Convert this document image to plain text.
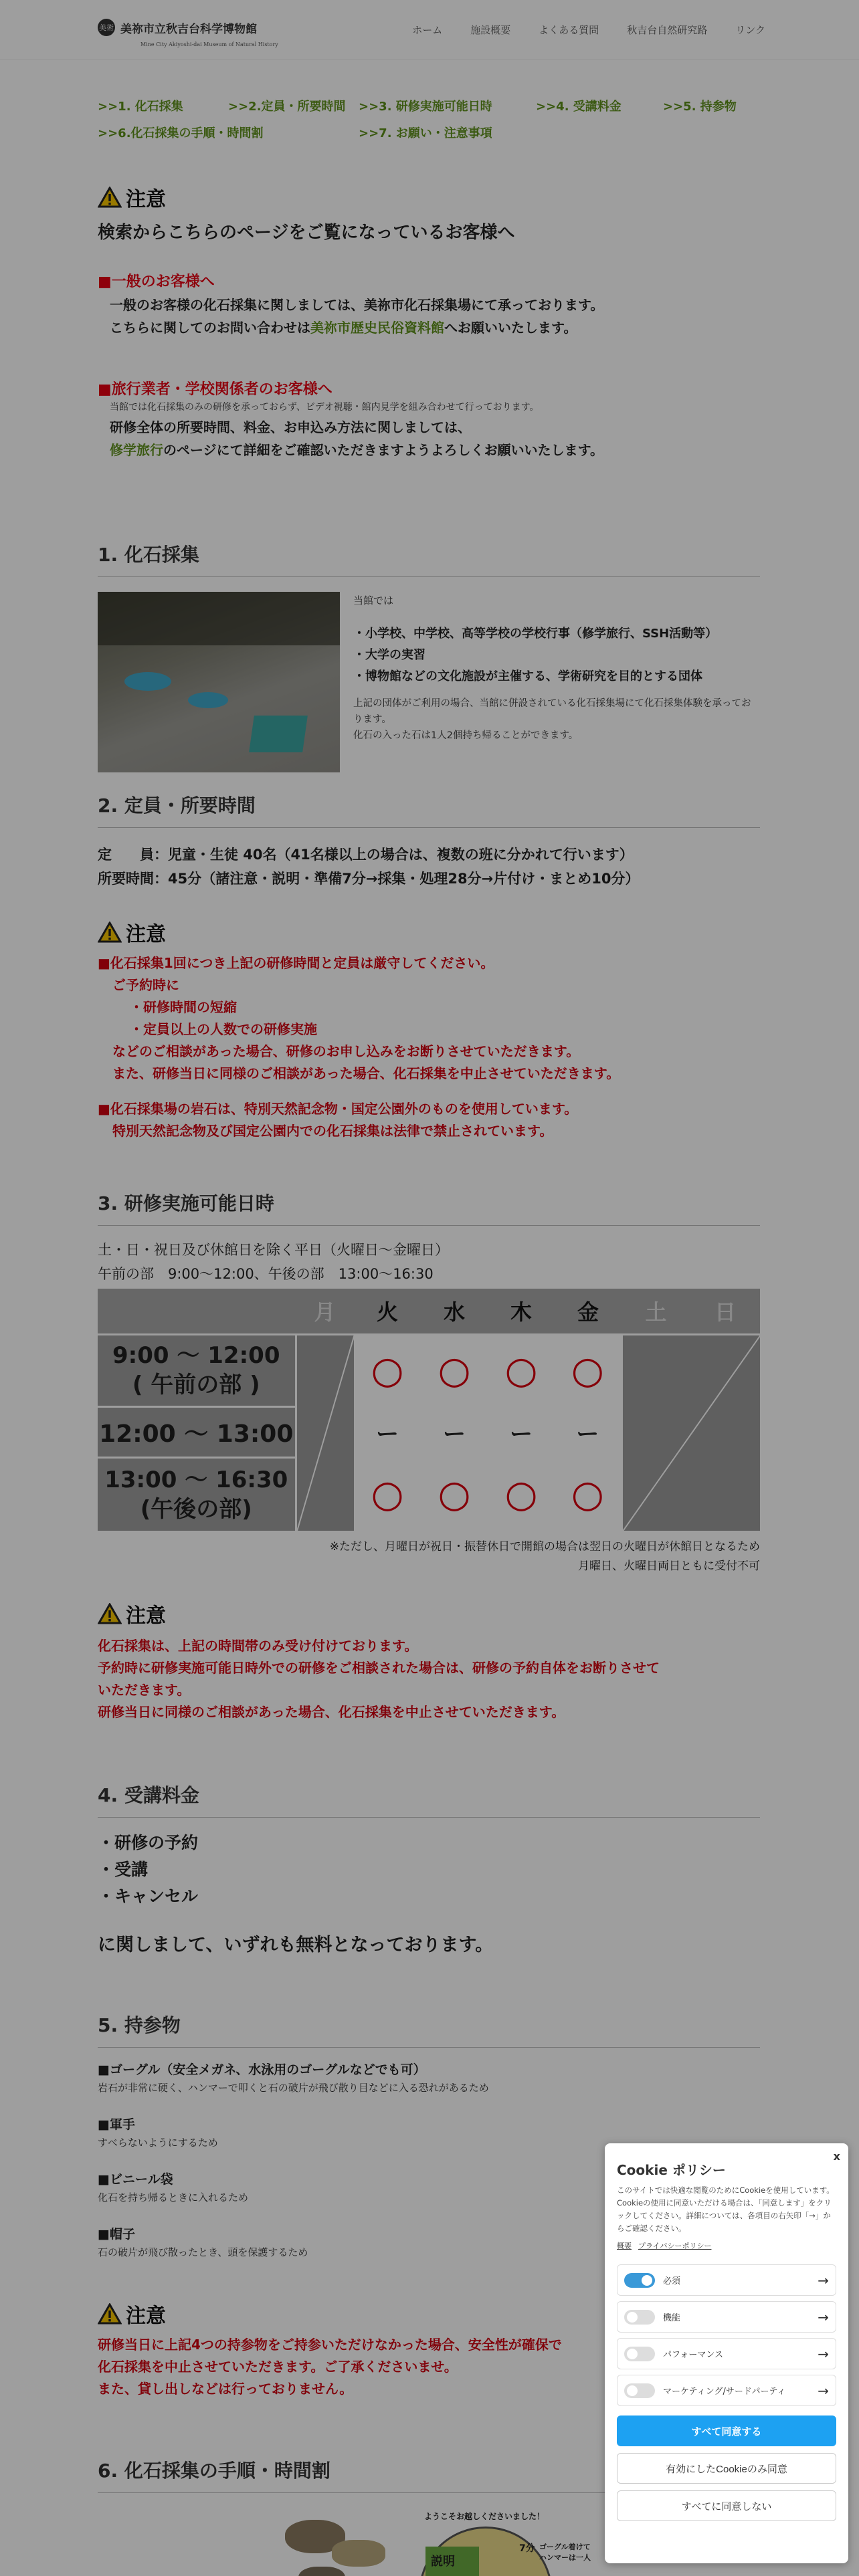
美術 美祢市立秋吉台科学博物館
Mine City Akiyoshi-dai Museum of Natural History
ホーム	施設概要	よくある質問	秋吉台自然研究路	リンク
>>1. 化石採集	>>2.定員・所要時間	>>3. 研修実施可能日時	>>4. 受講料金	>>5. 持参物
>>6.化石採集の手順・時間割	>>7. お願い・注意事項
注意
検索からこちらのページをご覧になっているお客様へ
■一般のお客様へ
一般のお客様の化石採集に関しましては、美祢市化石採集場にて承っております。
こちらに関してのお問い合わせは美祢市歴史民俗資料館へお願いいたします。
■旅行業者・学校関係者のお客様へ
当館では化石採集のみの研修を承っておらず、ビデオ視聴・館内見学を組み合わせて行っております。
研修全体の所要時間、料金、お申込み方法に関しましては、
修学旅行のページにて詳細をご確認いただきますようよろしくお願いいたします。
1. 化石採集
当館では
・小学校、中学校、高等学校の学校行事（修学旅行、SSH活動等）
・大学の実習
・博物館などの文化施設が主催する、学術研究を目的とする団体
上記の団体がご利用の場合、当館に併設されている化石採集場にて化石採集体験を承っております。
化石の入った石は1人2個持ち帰ることができます。
2. 定員・所要時間
定　　員：児童・生徒 40名（41名様以上の場合は、複数の班に分かれて行います）
所要時間：45分（諸注意・説明・準備7分→採集・処理28分→片付け・まとめ10分）
注意
■化石採集1回につき上記の研修時間と定員は厳守してください。
ご予約時に
・研修時間の短縮
・定員以上の人数での研修実施
などのご相談があった場合、研修のお申し込みをお断りさせていただきます。
また、研修当日に同様のご相談があった場合、化石採集を中止させていただきます。
■化石採集場の岩石は、特別天然記念物・国定公園外のものを使用しています。
特別天然記念物及び国定公園内での化石採集は法律で禁止されています。
3. 研修実施可能日時
土・日・祝日及び休館日を除く平日（火曜日〜金曜日）
午前の部　9:00〜12:00、午後の部　13:00〜16:30
	月	火	水	木	金	土	日

9:00 〜 12:00
( 午前の部 )		○	○	○	○	

12:00 〜 13:00		ー	ー	ー	ー		

13:00 〜 16:30
(午後の部)		○	○	○	○		
※ただし、月曜日が祝日・振替休日で開館の場合は翌日の火曜日が休館日となるため
月曜日、火曜日両日ともに受付不可
注意
化石採集は、上記の時間帯のみ受け付けております。
予約時に研修実施可能日時外での研修をご相談された場合は、研修の予約自体をお断りさせて
いただきます。
研修当日に同様のご相談があった場合、化石採集を中止させていただきます。
4. 受講料金
・研修の予約
・受講
・キャンセル
に関しまして、いずれも無料となっております。
5. 持参物
■ゴーグル（安全メガネ、水泳用のゴーグルなどでも可）
岩石が非常に硬く、ハンマーで叩くと石の破片が飛び散り目などに入る恐れがあるため
■軍手
すべらないようにするため
■ビニール袋
化石を持ち帰るときに入れるため
■帽子
石の破片が飛び散ったとき、頭を保護するため
注意
研修当日に上記4つの持参物をご持参いただけなかった場合、安全性が確保で
化石採集を中止させていただきます。ご了承くださいませ。
また、貸し出しなどは行っておりません。
6. 化石採集の手順・時間割
ようこそお越しくださいました！
説明
7分 ゴーグル着けて
ハンマーは一人
Cookie ポリシー
x
このサイトでは快適な閲覧のためにCookieを使用しています。Cookieの使用に同意いただける場合は、「同意します」をクリックしてください。詳細については、各項目の右矢印「→」からご確認ください。
概要 プライバシーポリシー
必須	→
機能	→
パフォーマンス	→
マーケティング/サードパーティ	→
すべて同意する
有効にしたCookieのみ同意
すべてに同意しない
